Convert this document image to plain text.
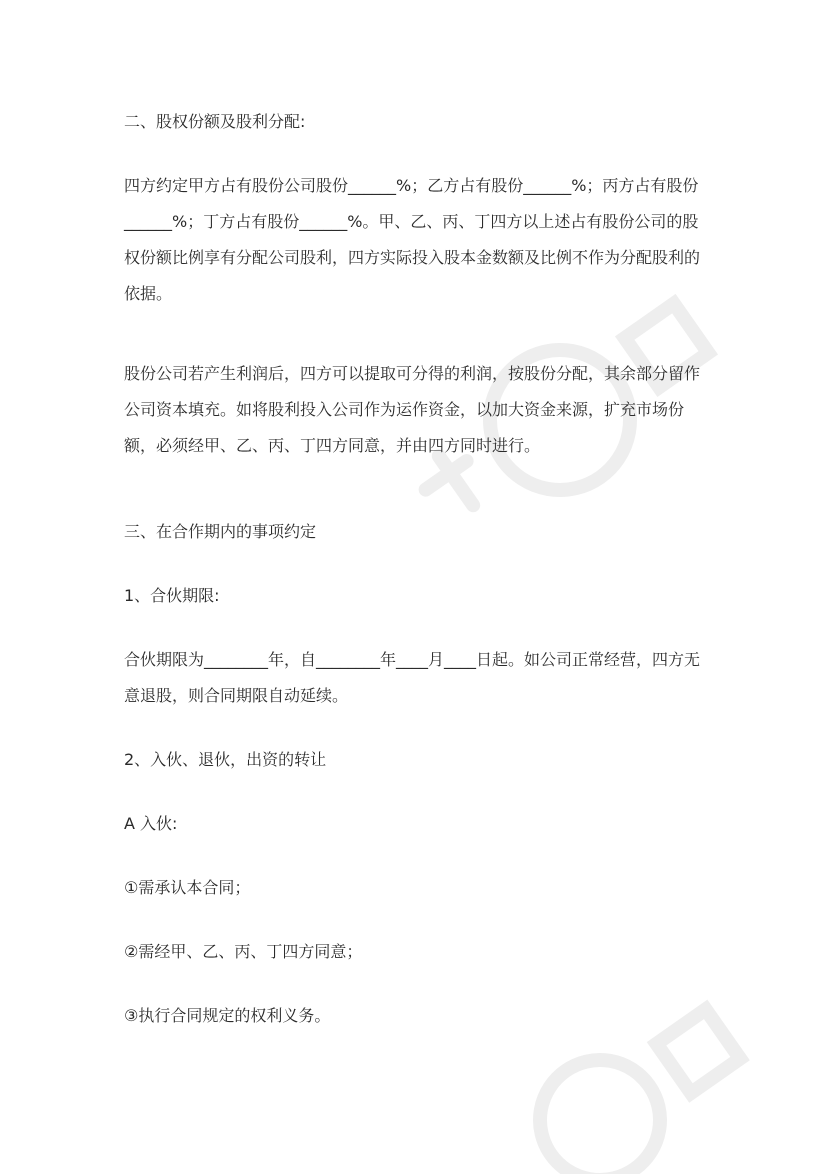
二、股权份额及股利分配:

四方约定甲方占有股份公司股份______%；乙方占有股份______%；丙方占有股份______%；丁方占有股份______%。甲、乙、丙、丁四方以上述占有股份公司的股权份额比例享有分配公司股利，四方实际投入股本金数额及比例不作为分配股利的依据。

股份公司若产生利润后，四方可以提取可分得的利润，按股份分配，其余部分留作公司资本填充。如将股利投入公司作为运作资金，以加大资金来源，扩充市场份额，必须经甲、乙、丙、丁四方同意，并由四方同时进行。

三、在合作期内的事项约定

1、合伙期限:

合伙期限为________年，自________年____月____日起。如公司正常经营，四方无意退股，则合同期限自动延续。

2、入伙、退伙，出资的转让

A 入伙:

①需承认本合同；

②需经甲、乙、丙、丁四方同意；

③执行合同规定的权利义务。
